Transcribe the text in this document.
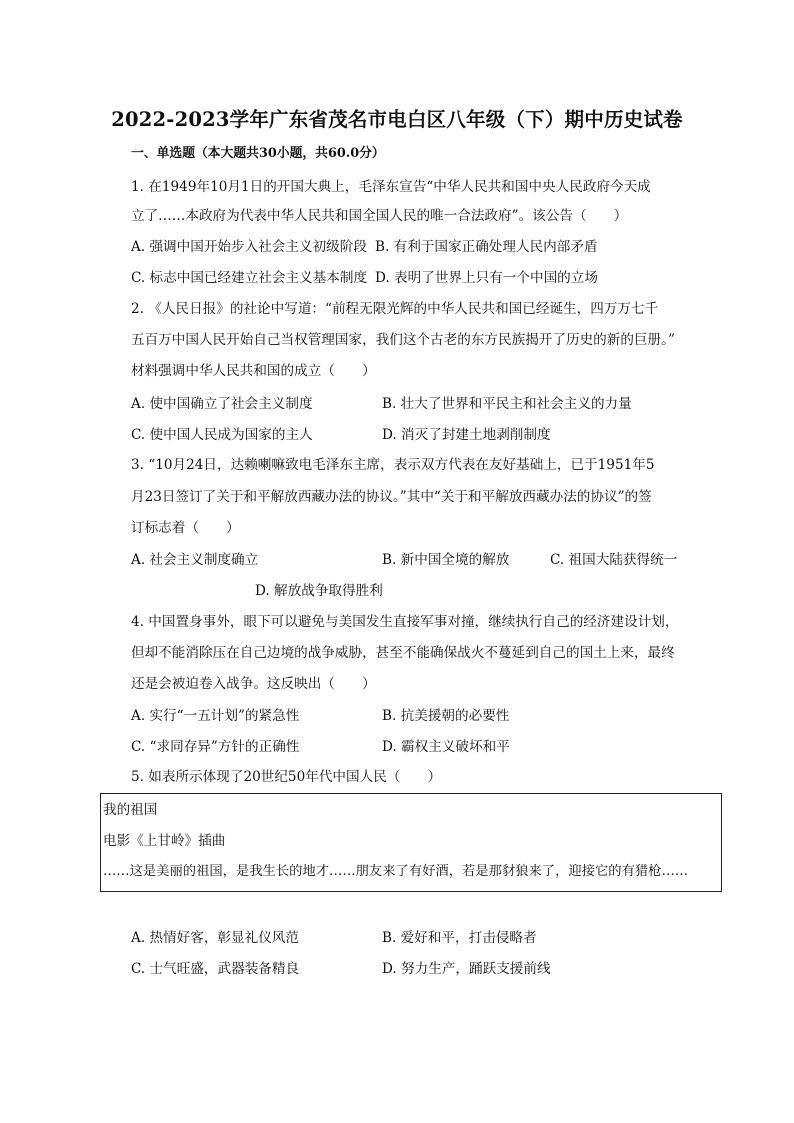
2022-2023学年广东省茂名市电白区八年级（下）期中历史试卷
一、单选题（本大题共30小题，共60.0分）
1. 在1949年10月1日的开国大典上，毛泽东宣告“中华人民共和国中央人民政府今天成
立了……本政府为代表中华人民共和国全国人民的唯一合法政府”。该公告（　　）
A. 强调中国开始步入社会主义初级阶段 B. 有利于国家正确处理人民内部矛盾
C. 标志中国已经建立社会主义基本制度 D. 表明了世界上只有一个中国的立场
2. 《人民日报》的社论中写道：“前程无限光辉的中华人民共和国已经诞生，四万万七千
五百万中国人民开始自己当权管理国家，我们这个古老的东方民族揭开了历史的新的巨册。”
材料强调中华人民共和国的成立（　　）
A. 使中国确立了社会主义制度	B. 壮大了世界和平民主和社会主义的力量
C. 使中国人民成为国家的主人	D. 消灭了封建土地剥削制度
3. “10月24日，达赖喇嘛致电毛泽东主席，表示双方代表在友好基础上，已于1951年5
月23日签订了关于和平解放西藏办法的协议。”其中“关于和平解放西藏办法的协议”的签
订标志着（　　）
A. 社会主义制度确立	B. 新中国全境的解放	C. 祖国大陆获得统一
D. 解放战争取得胜利
4. 中国置身事外，眼下可以避免与美国发生直接军事对撞，继续执行自己的经济建设计划，
但却不能消除压在自己边境的战争威胁，甚至不能确保战火不蔓延到自己的国土上来，最终
还是会被迫卷入战争。这反映出（　　）
A. 实行“一五计划”的紧急性	B. 抗美援朝的必要性
C. “求同存异”方针的正确性	D. 霸权主义破坏和平
5. 如表所示体现了20世纪50年代中国人民（　　）
我的祖国
电影《上甘岭》插曲
……这是美丽的祖国，是我生长的地才……朋友来了有好酒，若是那豺狼来了，迎接它的有猎枪……
A. 热情好客，彰显礼仪风范	B. 爱好和平，打击侵略者
C. 士气旺盛，武器装备精良	D. 努力生产，踊跃支援前线
